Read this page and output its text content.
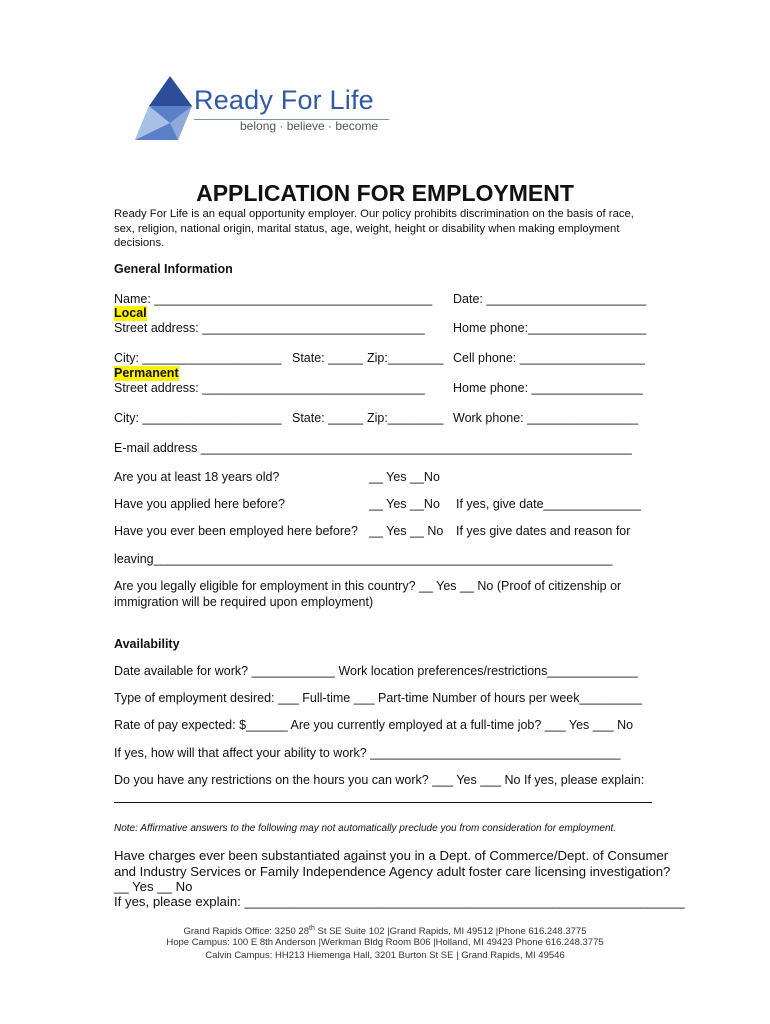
Ready For Life
belong · believe · become
APPLICATION FOR EMPLOYMENT
Ready For Life is an equal opportunity employer. Our policy prohibits discrimination on the basis of race, sex, religion, national origin, marital status, age, weight, height or disability when making employment decisions.
General Information
Name: ________________________________________ Date: _______________________
Local
Street address: ________________________________ Home phone:_________________
City: ____________________ State: _____ Zip:________ Cell phone: __________________
Permanent
Street address: ________________________________ Home phone: ________________
City: ____________________ State: _____ Zip:________ Work phone: ________________
E-mail address ______________________________________________________________
Are you at least 18 years old?	__ Yes __No
Have you applied here before?	__ Yes __No If yes, give date______________
Have you ever been employed here before? __ Yes __ No If yes give dates and reason for
leaving__________________________________________________________________
Are you legally eligible for employment in this country? __ Yes __ No (Proof of citizenship or
immigration will be required upon employment)
Availability
Date available for work? ____________ Work location preferences/restrictions_____________
Type of employment desired: ___ Full-time ___ Part-time Number of hours per week_________
Rate of pay expected: $______ Are you currently employed at a full-time job? ___ Yes ___ No
If yes, how will that affect your ability to work? ____________________________________
Do you have any restrictions on the hours you can work? ___ Yes ___ No If yes, please explain:
Note: Affirmative answers to the following may not automatically preclude you from consideration for employment.
Have charges ever been substantiated against you in a Dept. of Commerce/Dept. of Consumer
and Industry Services or Family Independence Agency adult foster care licensing investigation?
__ Yes __ No
If yes, please explain: ____________________________________________________________
Grand Rapids Office: 3250 28th St SE Suite 102 |Grand Rapids, MI 49512 |Phone 616.248.3775
Hope Campus: 100 E 8th Anderson |Werkman Bldg Room B06 |Holland, MI 49423 Phone 616.248.3775
Calvin Campus: HH213 Hiemenga Hall, 3201 Burton St SE | Grand Rapids, MI 49546
